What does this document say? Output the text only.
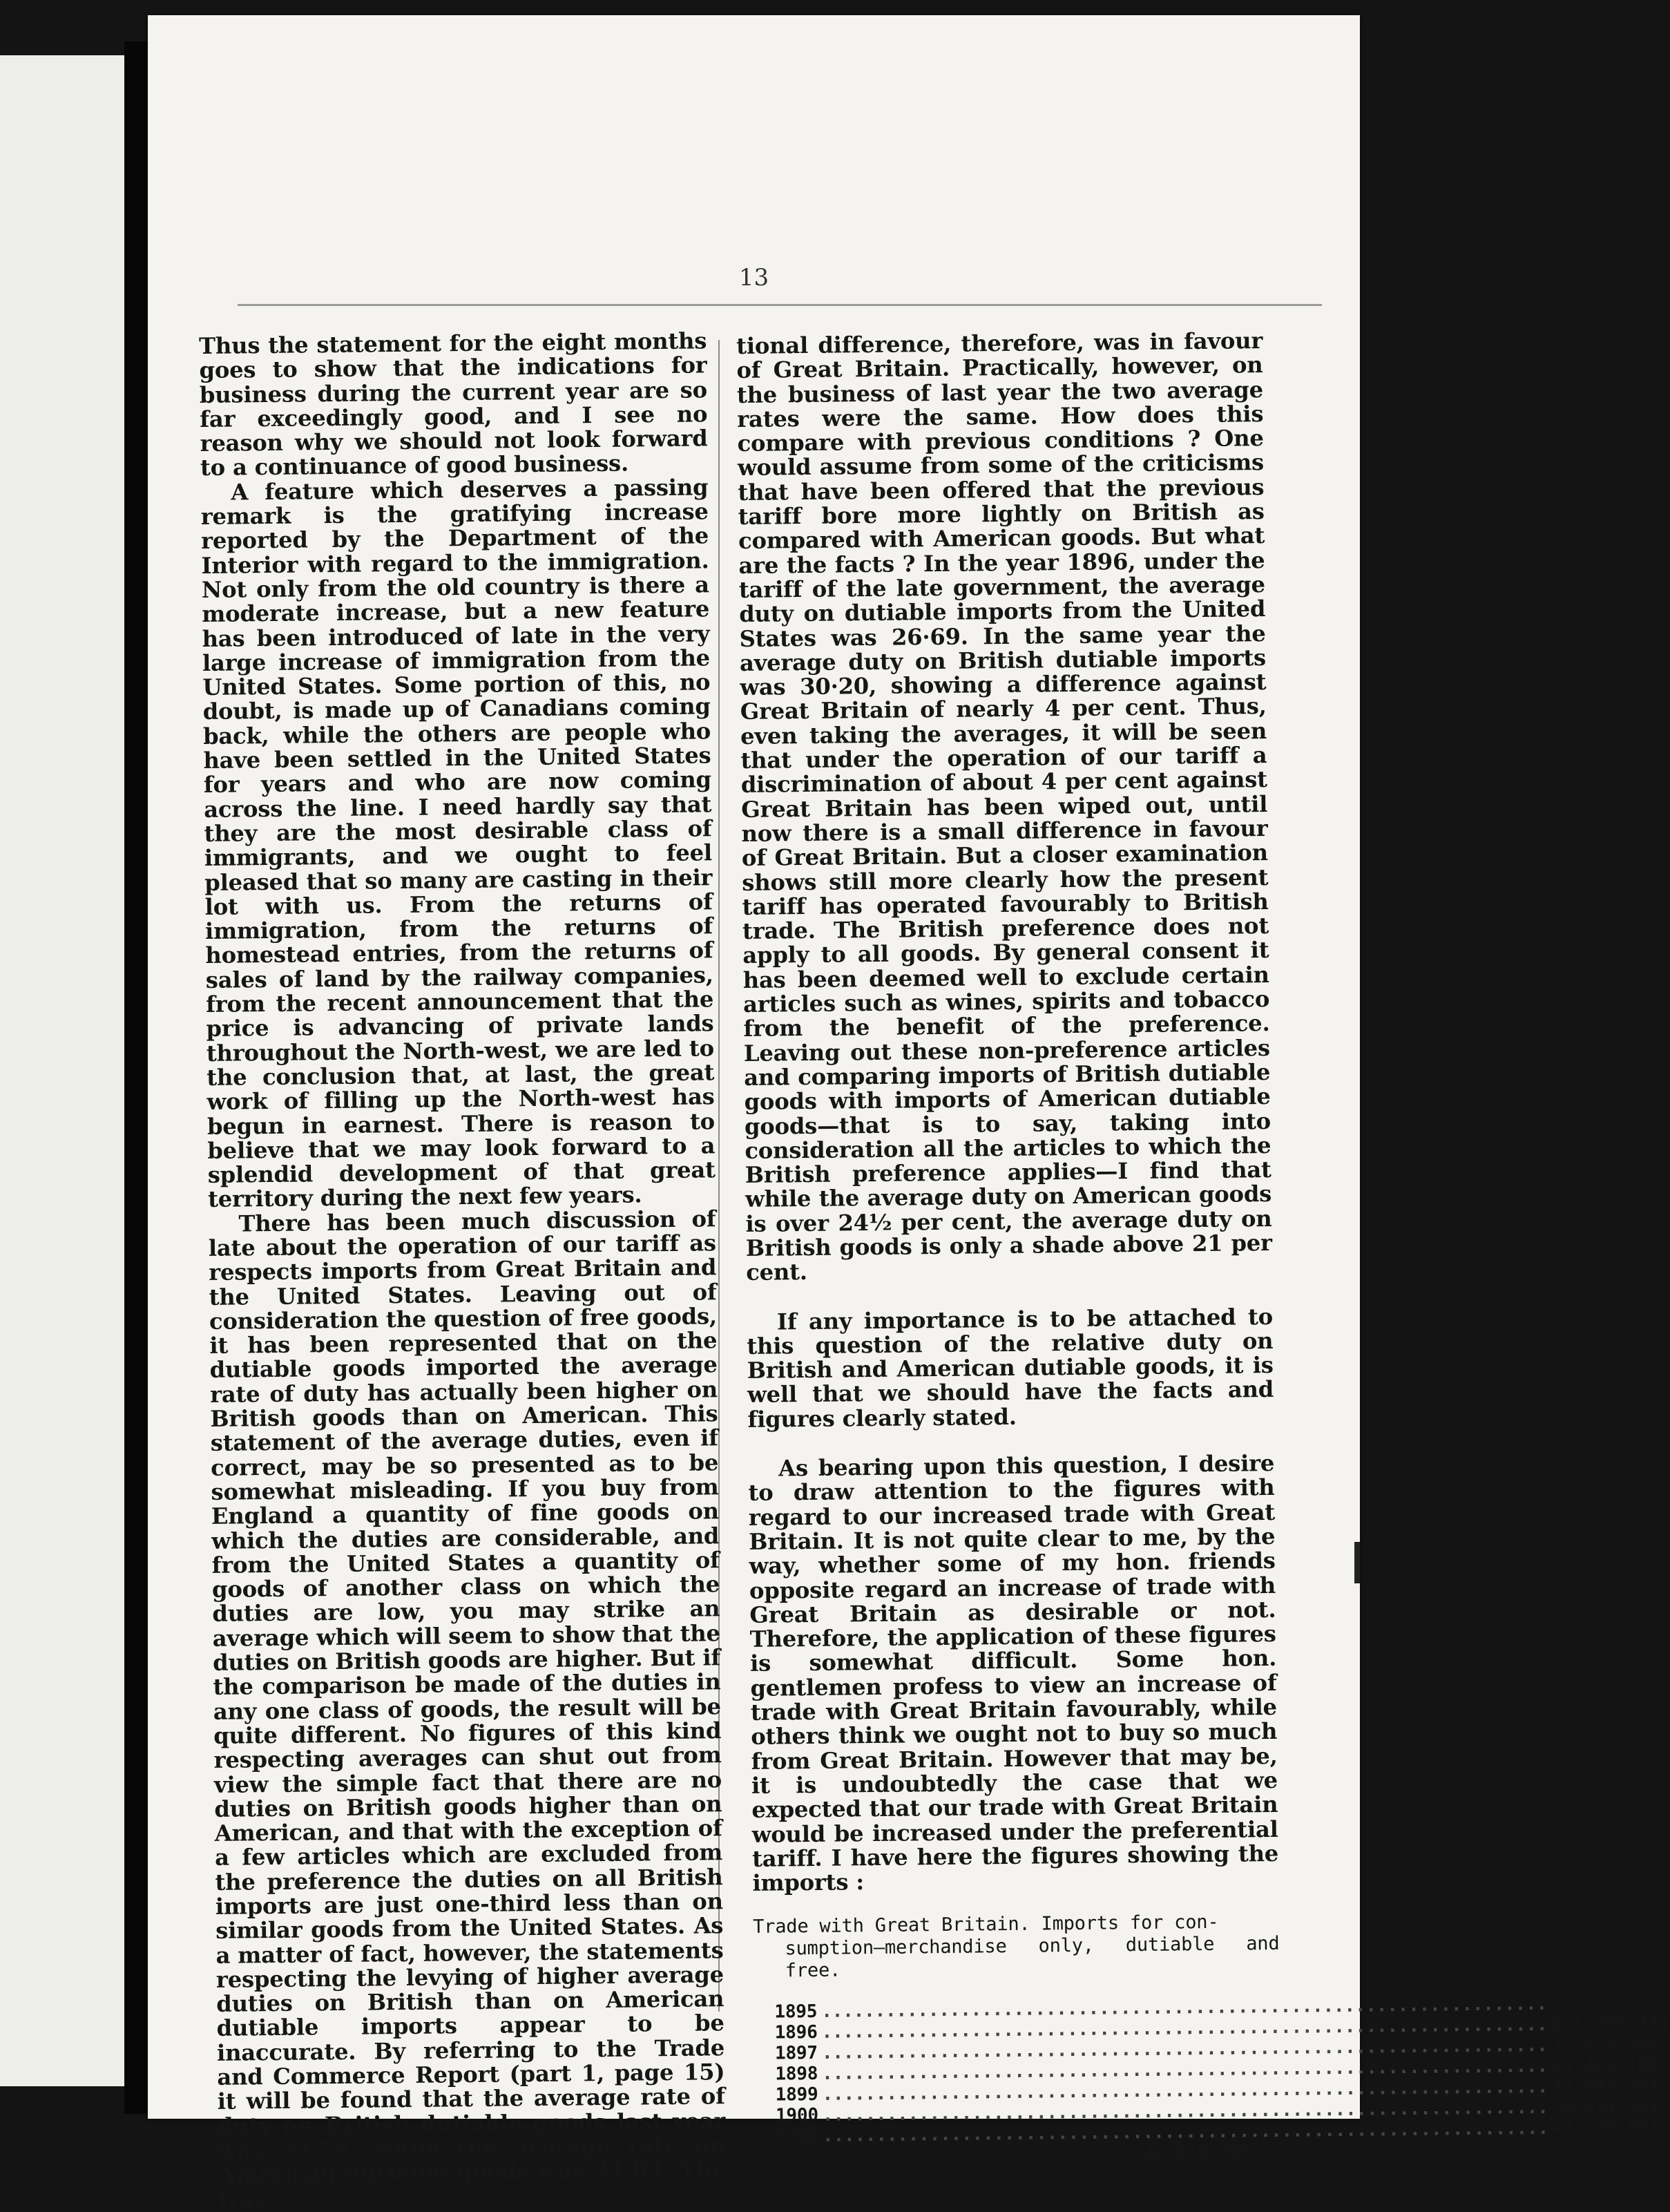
13

Thus the statement for the eight months goes to show that the indications for business during the current year are so far exceedingly good, and I see no reason why we should not look forward to a continuance of good business.

A feature which deserves a passing remark is the gratifying increase reported by the Department of the Interior with regard to the immigration. Not only from the old country is there a moderate increase, but a new feature has been introduced of late in the very large increase of immigration from the United States. Some portion of this, no doubt, is made up of Canadians coming back, while the others are people who have been settled in the United States for years and who are now coming across the line. I need hardly say that they are the most desirable class of immigrants, and we ought to feel pleased that so many are casting in their lot with us. From the returns of immigration, from the returns of homestead entries, from the returns of sales of land by the railway companies, from the recent announcement that the price is advancing of private lands throughout the North-west, we are led to the conclusion that, at last, the great work of filling up the North-west has begun in earnest. There is reason to believe that we may look forward to a splendid development of that great territory during the next few years.

There has been much discussion of late about the operation of our tariff as respects imports from Great Britain and the United States. Leaving out of consideration the question of free goods, it has been represented that on the dutiable goods imported the average rate of duty has actually been higher on British goods than on American. This statement of the average duties, even if correct, may be so presented as to be somewhat misleading. If you buy from England a quantity of fine goods on which the duties are considerable, and from the United States a quantity of goods of another class on which the duties are low, you may strike an average which will seem to show that the duties on British goods are higher. But if the comparison be made of the duties in any one class of goods, the result will be quite different. No figures of this kind respecting averages can shut out from view the simple fact that there are no duties on British goods higher than on American, and that with the exception of a few articles which are excluded from the preference the duties on all British imports are just one-third less than on similar goods from the United States. As a matter of fact, however, the statements respecting the levying of higher average duties on British than on American dutiable imports appear to be inaccurate. By referring to the Trade and Commerce Report (part 1, page 15) it will be found that the average rate of duty on British dutiable goods last year was 24·74, while the average rate on American dutiable goods was 24·83. The frac-

tional difference, therefore, was in favour of Great Britain. Practically, however, on the business of last year the two average rates were the same. How does this compare with previous conditions ? One would assume from some of the criticisms that have been offered that the previous tariff bore more lightly on British as compared with American goods. But what are the facts ? In the year 1896, under the tariff of the late government, the average duty on dutiable imports from the United States was 26·69. In the same year the average duty on British dutiable imports was 30·20, showing a difference against Great Britain of nearly 4 per cent. Thus, even taking the averages, it will be seen that under the operation of our tariff a discrimination of about 4 per cent against Great Britain has been wiped out, until now there is a small difference in favour of Great Britain. But a closer examination shows still more clearly how the present tariff has operated favourably to British trade. The British preference does not apply to all goods. By general consent it has been deemed well to exclude certain articles such as wines, spirits and tobacco from the benefit of the preference. Leaving out these non-preference articles and comparing imports of British dutiable goods with imports of American dutiable goods—that is to say, taking into consideration all the articles to which the British preference applies—I find that while the average duty on American goods is over 24½ per cent, the average duty on British goods is only a shade above 21 per cent.

If any importance is to be attached to this question of the relative duty on British and American dutiable goods, it is well that we should have the facts and figures clearly stated.

As bearing upon this question, I desire to draw attention to the figures with regard to our increased trade with Great Britain. It is not quite clear to me, by the way, whether some of my hon. friends opposite regard an increase of trade with Great Britain as desirable or not. Therefore, the application of these figures is somewhat difficult. Some hon. gentlemen profess to view an increase of trade with Great Britain favourably, while others think we ought not to buy so much from Great Britain. However that may be, it is undoubtedly the case that we expected that our trade with Great Britain would be increased under the preferential tariff. I have here the figures showing the imports :

Trade with Great Britain. Imports for con-
sumption—merchandise only, dutiable and free.
1895 ....................................................................
1896 .................................................................... $31,059,332
1897 .................................................................... 32,824,505
1898 .................................................................... 29,401,188
1899 .................................................................... 32,043,461
1900 .................................................................... 36,931,323
1901 .................................................................... 44,279,983
42,819,995
